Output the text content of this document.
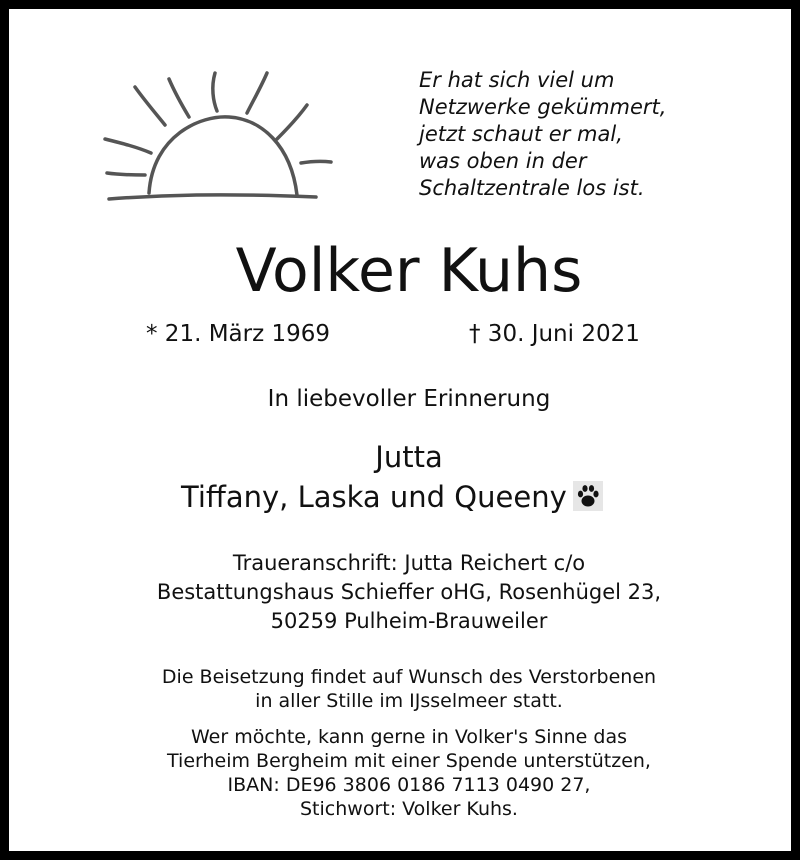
Er hat sich viel um
Netzwerke gekümmert,
jetzt schaut er mal,
was oben in der
Schaltzentrale los ist.
Volker Kuhs
* 21. März 1969	† 30. Juni 2021
In liebevoller Erinnerung
Jutta
Tiffany, Laska und Queeny
Traueranschrift: Jutta Reichert c/o
Bestattungshaus Schieffer oHG, Rosenhügel 23,
50259 Pulheim-Brauweiler
Die Beisetzung findet auf Wunsch des Verstorbenen
in aller Stille im IJsselmeer statt.
Wer möchte, kann gerne in Volker's Sinne das
Tierheim Bergheim mit einer Spende unterstützen,
IBAN: DE96 3806 0186 7113 0490 27,
Stichwort: Volker Kuhs.
